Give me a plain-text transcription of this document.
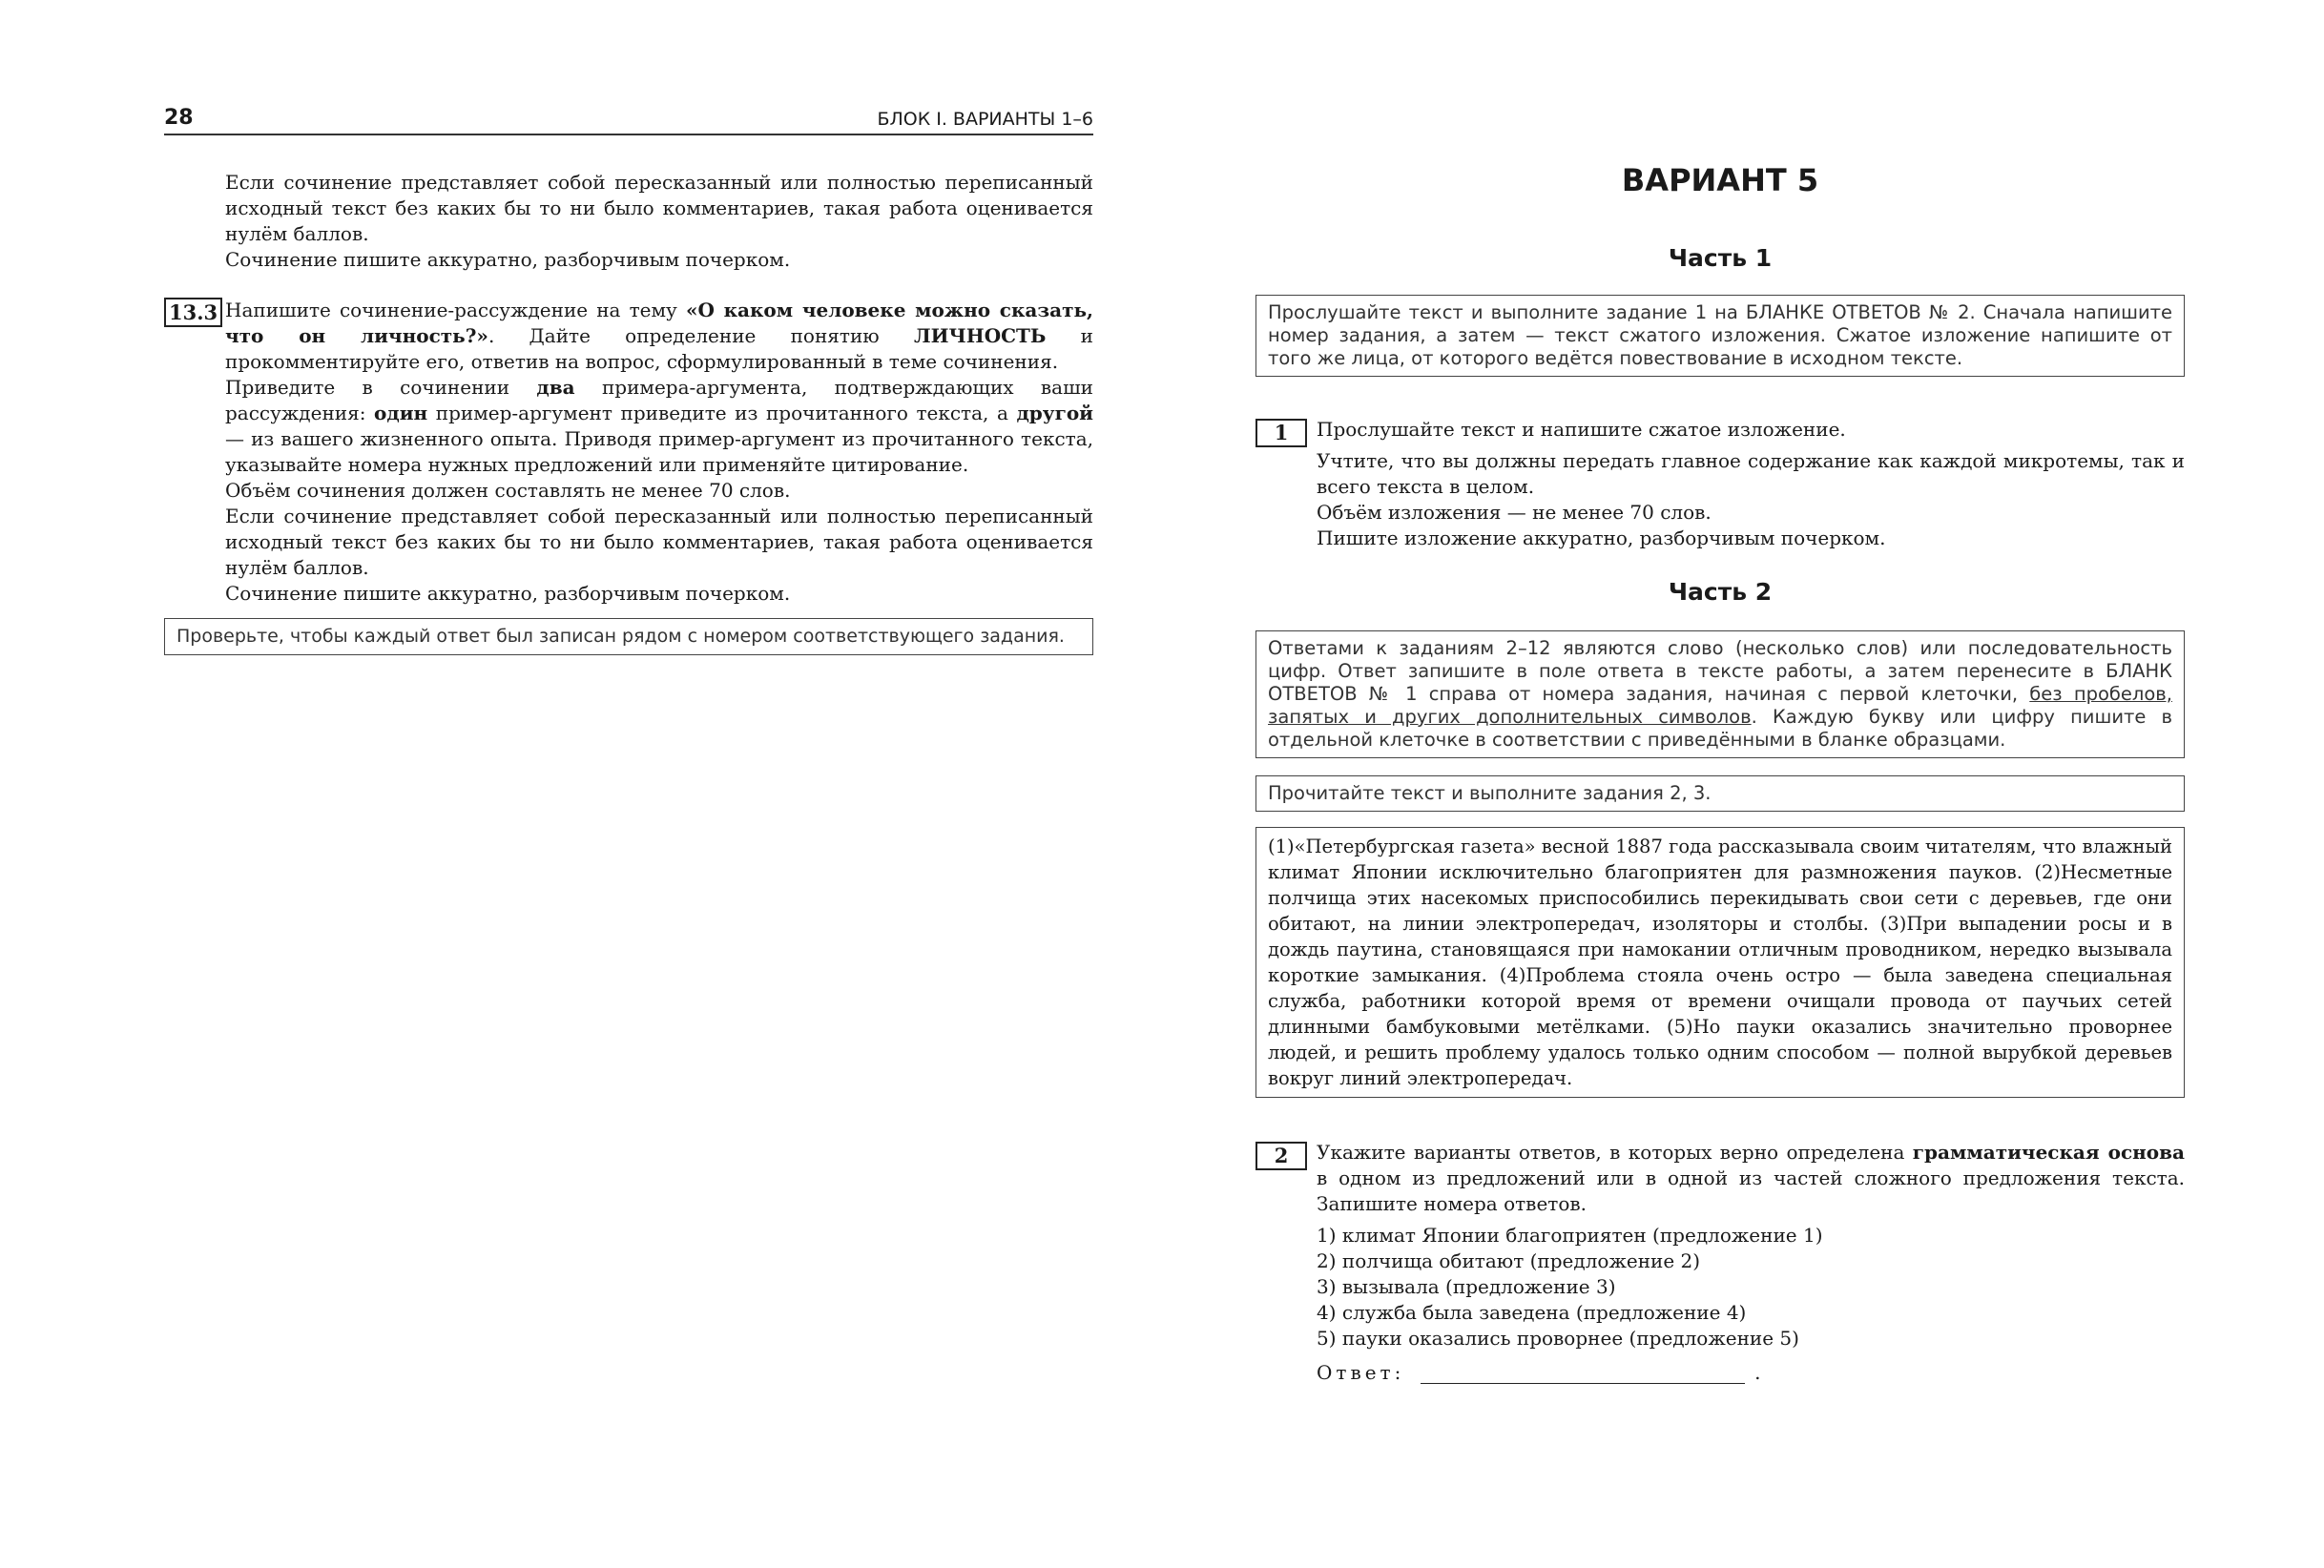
28	БЛОК I. ВАРИАНТЫ 1–6

Если сочинение представляет собой пересказанный или полностью переписанный исходный текст без каких бы то ни было комментариев, такая работа оценивается нулём баллов.

Сочинение пишите аккуратно, разборчивым почерком.

13.3 Напишите сочинение-рассуждение на тему «О каком человеке можно сказать, что он личность?». Дайте определение понятию ЛИЧНОСТЬ и прокомментируйте его, ответив на вопрос, сформулированный в теме сочинения.

Приведите в сочинении два примера-аргумента, подтверждающих ваши рассуждения: один пример-аргумент приведите из прочитанного текста, а другой — из вашего жизненного опыта. Приводя пример-аргумент из прочитанного текста, указывайте номера нужных предложений или применяйте цитирование.

Объём сочинения должен составлять не менее 70 слов.

Если сочинение представляет собой пересказанный или полностью переписанный исходный текст без каких бы то ни было комментариев, такая работа оценивается нулём баллов.

Сочинение пишите аккуратно, разборчивым почерком.

Проверьте, чтобы каждый ответ был записан рядом с номером соответствующего задания.
ВАРИАНТ 5
Часть 1
Прослушайте текст и выполните задание 1 на БЛАНКЕ ОТВЕТОВ № 2. Сначала напишите номер задания, а затем — текст сжатого изложения. Сжатое изложение напишите от того же лица, от которого ведётся повествование в исходном тексте.
1	Прослушайте текст и напишите сжатое изложение.

Учтите, что вы должны передать главное содержание как каждой микротемы, так и всего текста в целом.

Объём изложения — не менее 70 слов.

Пишите изложение аккуратно, разборчивым почерком.

Часть 2
Ответами к заданиям 2–12 являются слово (несколько слов) или последовательность цифр. Ответ запишите в поле ответа в тексте работы, а затем перенесите в БЛАНК ОТВЕТОВ № 1 справа от номера задания, начиная с первой клеточки, без пробелов, запятых и других дополнительных символов. Каждую букву или цифру пишите в отдельной клеточке в соответствии с приведёнными в бланке образцами.
Прочитайте текст и выполните задания 2, 3.
(1)«Петербургская газета» весной 1887 года рассказывала своим читателям, что влажный климат Японии исключительно благоприятен для размножения пауков. (2)Несметные полчища этих насекомых приспособились перекидывать свои сети с деревьев, где они обитают, на линии электропередач, изоляторы и столбы. (3)При выпадении росы и в дождь паутина, становящаяся при намокании отличным проводником, нередко вызывала короткие замыкания. (4)Проблема стояла очень остро — была заведена специальная служба, работники которой время от времени очищали провода от паучьих сетей длинными бамбуковыми метёлками. (5)Но пауки оказались значительно проворнее людей, и решить проблему удалось только одним способом — полной вырубкой деревьев вокруг линий электропередач.
2	Укажите варианты ответов, в которых верно определена грамматическая основа в одном из предложений или в одной из частей сложного предложения текста. Запишите номера ответов.

1) климат Японии благоприятен (предложение 1)
2) полчища обитают (предложение 2)
3) вызывала (предложение 3)
4) служба была заведена (предложение 4)
5) пауки оказались проворнее (предложение 5)
Ответ:	.
